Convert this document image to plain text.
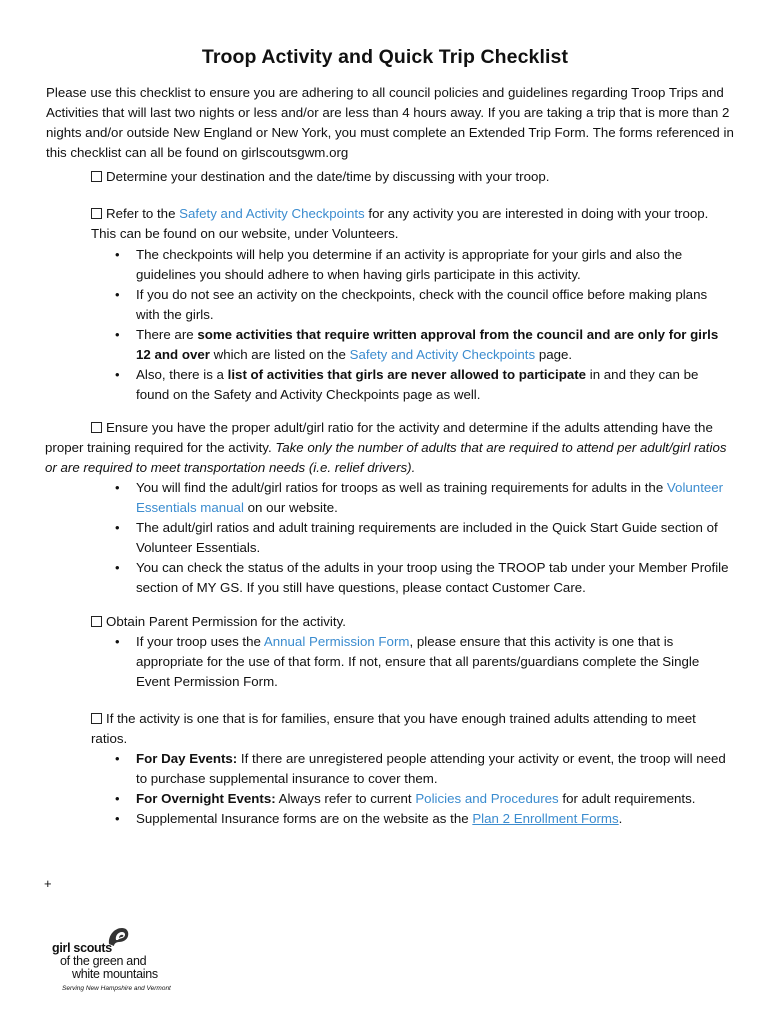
Troop Activity and Quick Trip Checklist

Please use this checklist to ensure you are adhering to all council policies and guidelines regarding Troop Trips and Activities that will last two nights or less and/or are less than 4 hours away. If you are taking a trip that is more than 2 nights and/or outside New England or New York, you must complete an Extended Trip Form. The forms referenced in this checklist can all be found on girlscoutsgwm.org

Determine your destination and the date/time by discussing with your troop.

Refer to the Safety and Activity Checkpoints for any activity you are interested in doing with your troop. This can be found on our website, under Volunteers.

• The checkpoints will help you determine if an activity is appropriate for your girls and also the guidelines you should adhere to when having girls participate in this activity.
• If you do not see an activity on the checkpoints, check with the council office before making plans with the girls.
• There are some activities that require written approval from the council and are only for girls 12 and over which are listed on the Safety and Activity Checkpoints page.
• Also, there is a list of activities that girls are never allowed to participate in and they can be found on the Safety and Activity Checkpoints page as well.

Ensure you have the proper adult/girl ratio for the activity and determine if the adults attending have the proper training required for the activity. Take only the number of adults that are required to attend per adult/girl ratios or are required to meet transportation needs (i.e. relief drivers).

• You will find the adult/girl ratios for troops as well as training requirements for adults in the Volunteer Essentials manual on our website.
• The adult/girl ratios and adult training requirements are included in the Quick Start Guide section of Volunteer Essentials.
• You can check the status of the adults in your troop using the TROOP tab under your Member Profile section of MY GS. If you still have questions, please contact Customer Care.

Obtain Parent Permission for the activity.

• If your troop uses the Annual Permission Form, please ensure that this activity is one that is appropriate for the use of that form. If not, ensure that all parents/guardians complete the Single Event Permission Form.

If the activity is one that is for families, ensure that you have enough trained adults attending to meet ratios.

• For Day Events: If there are unregistered people attending your activity or event, the troop will need to purchase supplemental insurance to cover them.
• For Overnight Events: Always refer to current Policies and Procedures for adult requirements.
• Supplemental Insurance forms are on the website as the Plan 2 Enrollment Forms.
+
girl scouts
of the green and
white mountains
Serving New Hampshire and Vermont
